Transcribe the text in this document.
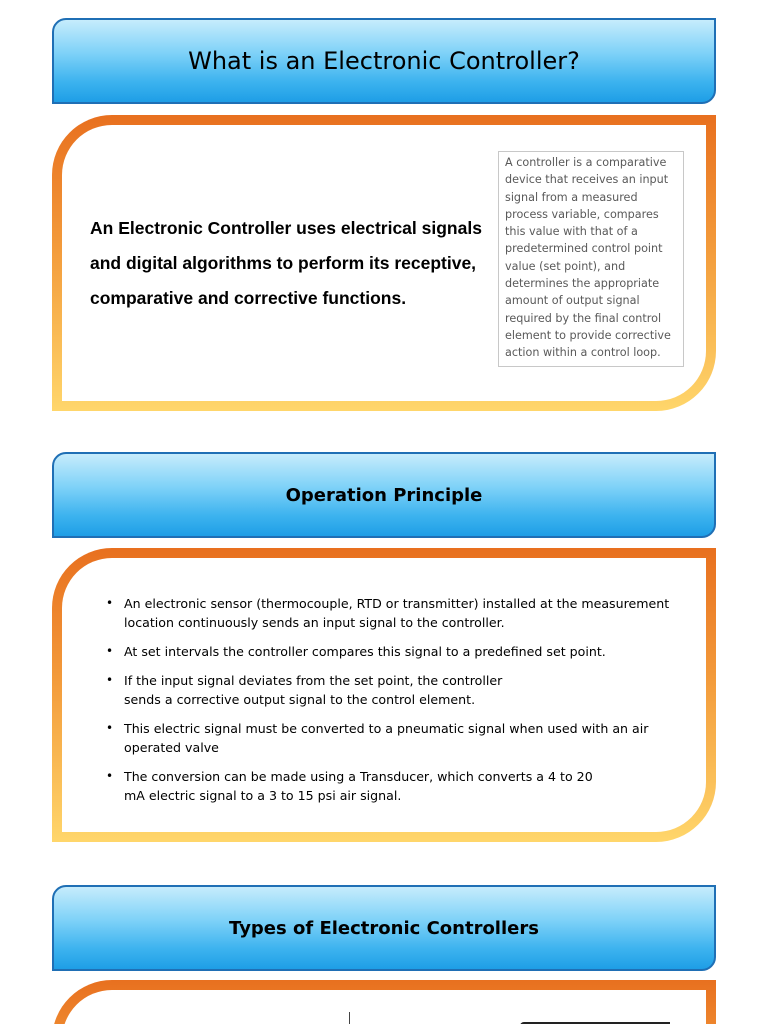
What is an Electronic Controller?
An Electronic Controller uses electrical signals and digital algorithms to perform its receptive, comparative and corrective functions.
A controller is a comparative device that receives an input signal from a measured process variable, compares this value with that of a predetermined control point value (set point), and determines the appropriate amount of output signal required by the final control element to provide corrective action within a control loop.
Operation Principle
• An electronic sensor (thermocouple, RTD or transmitter) installed at the measurement location continuously sends an input signal to the controller.
• At set intervals the controller compares this signal to a predefined set point.
• If the input signal deviates from the set point, the controller sends a corrective output signal to the control element.
• This electric signal must be converted to a pneumatic signal when used with an air operated valve
• The conversion can be made using a Transducer, which converts a 4 to 20 mA electric signal to a 3 to 15 psi air signal.
Types of Electronic Controllers
